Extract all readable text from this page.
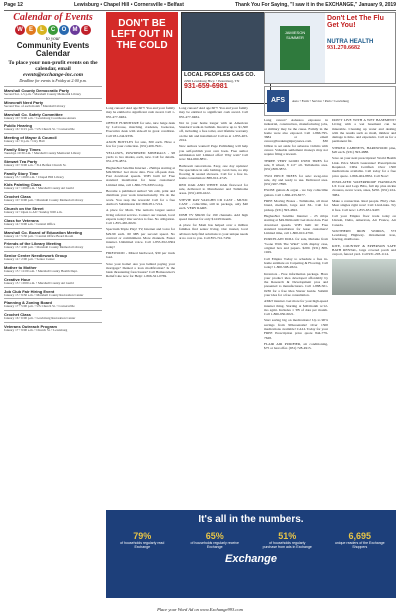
Page 12	Lewisburg • Chapel Hill • Cornersville • Belfast	Thank You For Saying, "I saw it in the EXCHANGE," January 9, 2019
Calendar of Events
W	E	L	C	O	M	E
to your
Community Events Calendar
To place your non-profit events on the calendar, email
events@exchange-inc.com
Deadline for events is Friday at 2:00 p.m.
Marshall County Democratic Party
Second Sat. 1-5 p.m. • Marshall County Memorial Library
Minecraft Nerd Party
Second Tue. of each month • Marshall Library
Marshall Co. Safety Committee
January 10 • 9:00 a.m. • Lewisburg Courthouse Annex
Public Hearing
January 16 • 6:15 p.m. • US Church St. • Cornersville
Meeting of Mayor & Council
January 14 • 6 p.m. • City Hall
Family Story Times
Tuesdays 10:30 a.m. • Marshall County Memorial Library
Stewart Tea Party
January 10 • 9:00 a.m. • 314 Belfast Church St.
Family Story Time
January 15 • 10:00 a.m. • Chapel Hill Library
Kids Painting Class
January 12 • 10:00 a.m. • Marshall County Art Guild
Crochet Class
January 10 • 6:00 p.m. • Marshall County Memorial Library
Church on the Street
January 12 • Open to All • Sunday 9:00 a.m.
Class for Veterans
January 14 • 9:00 a.m. • Central Office
Marshall Co. Board of Education Meeting
January 14 • 5:30 p.m. • Central Office Board Room
Friends of the Library Meeting
January 15 • 4:00 p.m. • Marshall County Memorial Library
Senior Center Needlework Group
January 14 • 2:00 p.m. • Senior Center
Mother to Mother
January 15 • 11:00 a.m. • Marshall County Health Dept.
Creative Hour
January 15 • 10:00 a.m. • Marshall County Art Guild
Job Club Fair Hiring Event
January 15 • 9:30 a.m. • Marshall County Recreation Center
Planning & Zoning Board
January 17 • 5:00 p.m. • US Church St. • Cornersville
Crochet Class
January 16 • 6:00 p.m. • Lewisburg Recreation Center
Veterans Outreach Program
January 17 • 9:00 a.m. • Church St. • Lewisburg
DON'T BE LEFT OUT IN THE COLD
LOCAL PEOPLES GAS CO.
2296 Lewisburg Hwy. • Petersburg, TN
931-659-6981

Long canoes? And age 60+! You and your family may be entitled to significant cash award. Call 1-855-477-9484.

OFFICE FURNITURE for sale, nice beige desk by LaCrosse, matching credenza, bookcase, Executive desk with side-all in great condition. Call 931-244-9336.

AXON BOTTLES for sale, 300 each. Have a few for your collection. (931) 409-7921.

YELLOWS, POWDERED MINERALS - 98 yards to two shades, each, new. Call for details. 931-278-4874.

HughesNet Satellite Internet - 25mbps starting at $49.99/mo! Get more data. Free off-peak data. Fast download speeds. WiFi built in! Free standard installation for lease customers! Limited time, call 1-866-776-6395 today.

Become a published author! We edit, print and distribute your work internationally. We do the work. You reap the rewards! Call for a free Author's Submission Kit: 866-951-7214.

A place for Mom. The nation's largest senior living referral service. Contact our trusted, local experts today! Our service is free. No obligation. Call 1-855-465-6020.

Spectrum Triple Play! TV, Internet and voice for $29.99 each. 60 MB per second speed. No contract or commitment. More channels. Faster internet. Unlimited voice. Call 1-855-652-9304 today!

FIREWOOD - Mixed hardwood, $30 per truck load.

Save your home! Are you behind paying your mortgage? Denied a loan modification? Is the bank threatening foreclosure? Call Homeowner's Relief Line now for Help! 1-866-321-0769.

Long canoes? And age 60+! You and your family may be entitled to significant cash award. Call 855-477-9484.

Not in your home longer with an American Standard walk-in bathtub. Receive up to $1,500 off, including a free toilet, and lifetime warranty on the tub and installation! Call us at 1-855-403-2014.

New authors wanted! Page Publishing will help you self-publish your own book. Free author submission kit! Limited offer! Why wait? Call now: 844-660-8851.

Bathroom renovations. Easy, one day updates! We specialize in safe bathing. Grab bars, no slip flooring & seated showers. Call for a free in-home consultation: 888-912-4745.

RED OAK AND WHITE OAK firewood for sale, delivered to Manchester and Tullahoma areas. (931) 409-4222.

STEVIE RAY VAUGHN CD CAST - MUSIC CAST - collectible, still in package, only $40 each. VERY RARE.

DISH TV $69.99 for 190 channels. Add high speed internet for only $14.95/month.

A place for Mom has helped over a million families find senior living. Our trusted, local advisors help find solutions to your unique needs at no cost to you. Call 855-741-7459.

JAMIESON SUMMER
Don't Let The Flu Get You!
NUTRA HEALTH
931.270.6682
AFS	Auto • Farm • Service • Parts • Lewisburg

Lung cancer? Asbestos exposure in industrial, construction, manufacturing jobs, or military may be the cause. Family in the home were also exposed. Call 1-866-795-3684 or email cancer@breakinginjurynews.com. $30 billion is set aside for asbestos victims with cancer. Valuable settlement moneys may not require filing a lawsuit.

THREE VERY GOOD USED TIRES for sale, 8 wheel, 8 1/2" all. Tullahoma area. (931) 808-3872.

TWO PIECE TREES for sale: swag-nice sale, dry and ready to use. Delivered area. (931) 967-7898.

ESOSE guitars & organ - we buy collectible guitars. Call 1-866-433-8277.

FREE Moving Boxes - Tullahoma, all most brand, medium, large and XL. Call for pickup. (931) 393-4822.

HughesNet Satellite Internet - 25 mbps starting at $49.99/month! Get more data. Fast download speeds. WiFi built in! Free standard installation for lease customers! Limited time, call 1-800-610-4790.

PORCELAIN DOLL for sale, Melanie from "Gone With The Wind" with display case, original box and papers. $200. (931) 808-1929.

Call Empire Today to schedule a free in-home estimate on Carpeting & Flooring. Call today! 1-800-508-2824.

Inventors - Free information package. Have your product idea developed affordably by the Research & Development pros and presented to manufacturers. Call 1-888-501-0236 for a free Idea Starter Guide. Submit your idea for a free consultation.

AT&T internet. Get more for your high-speed internet thing. Starting at $40/month w/12-mo agmt. Includes 1 TB of data per month. Call 1-866-950-6021.

Start saving big on medications! Up to 90% savings from 90Greenside! Over 1500 medications available! CALL Today for your FREE Prescription price quote 844-779-7628.

FLAIR AIR PURIFIER, air conditioning, $75 or best offer. (931) 728-4915.

DON'T LIVE WITH A WET BASEMENT! Living with a wet basement can be miserable. Cleaning up water and dealing with the results such as mold, mildew and damage is time- and expensive. Call us for a permanent fix.

STEREO CABINETS, HARDWOOD pine, $20 each. (931) 393-4888.

Save on your next prescription! World Health Link. Price Match Guarantee! Prescriptions Required. CIPA Certified. Over 1500 medications available. Call today for a free price quote. 1-866-404-8852. Call Now!

INSULATED WATERPROOF HANDGUN LX Coat and Legs Bibs, full zip plus nickle closures, never worn, sizes, $250. (931) 224-3984.

Make a connection. Real people. Flirty chat. Meet singles right now! Call LiveLinks. Try it free. Call now: 1-855-631-9497.

Call your Empire floor trade today on Unrush, Delta, American, Air France, Air Canada.

SOUTHERN IRON WORKS, 573 Lewisburg Highway. Ornamental iron, fencing, mailboxes.

KITE, COUNTRY & EPPERSON SAFE BATH RENTAL, large covered porch and carport, fenced yard. Call 931-293-1114.

It's all in the numbers.
79%
of households regularly read Exchange
65%
of households regularly receive Exchange
51%
of households regularly purchase from ads in Exchange
6,695
unique readers of the Exchange Shoppers
Exchange
Place your Word Ad on www.Exchange993.com
